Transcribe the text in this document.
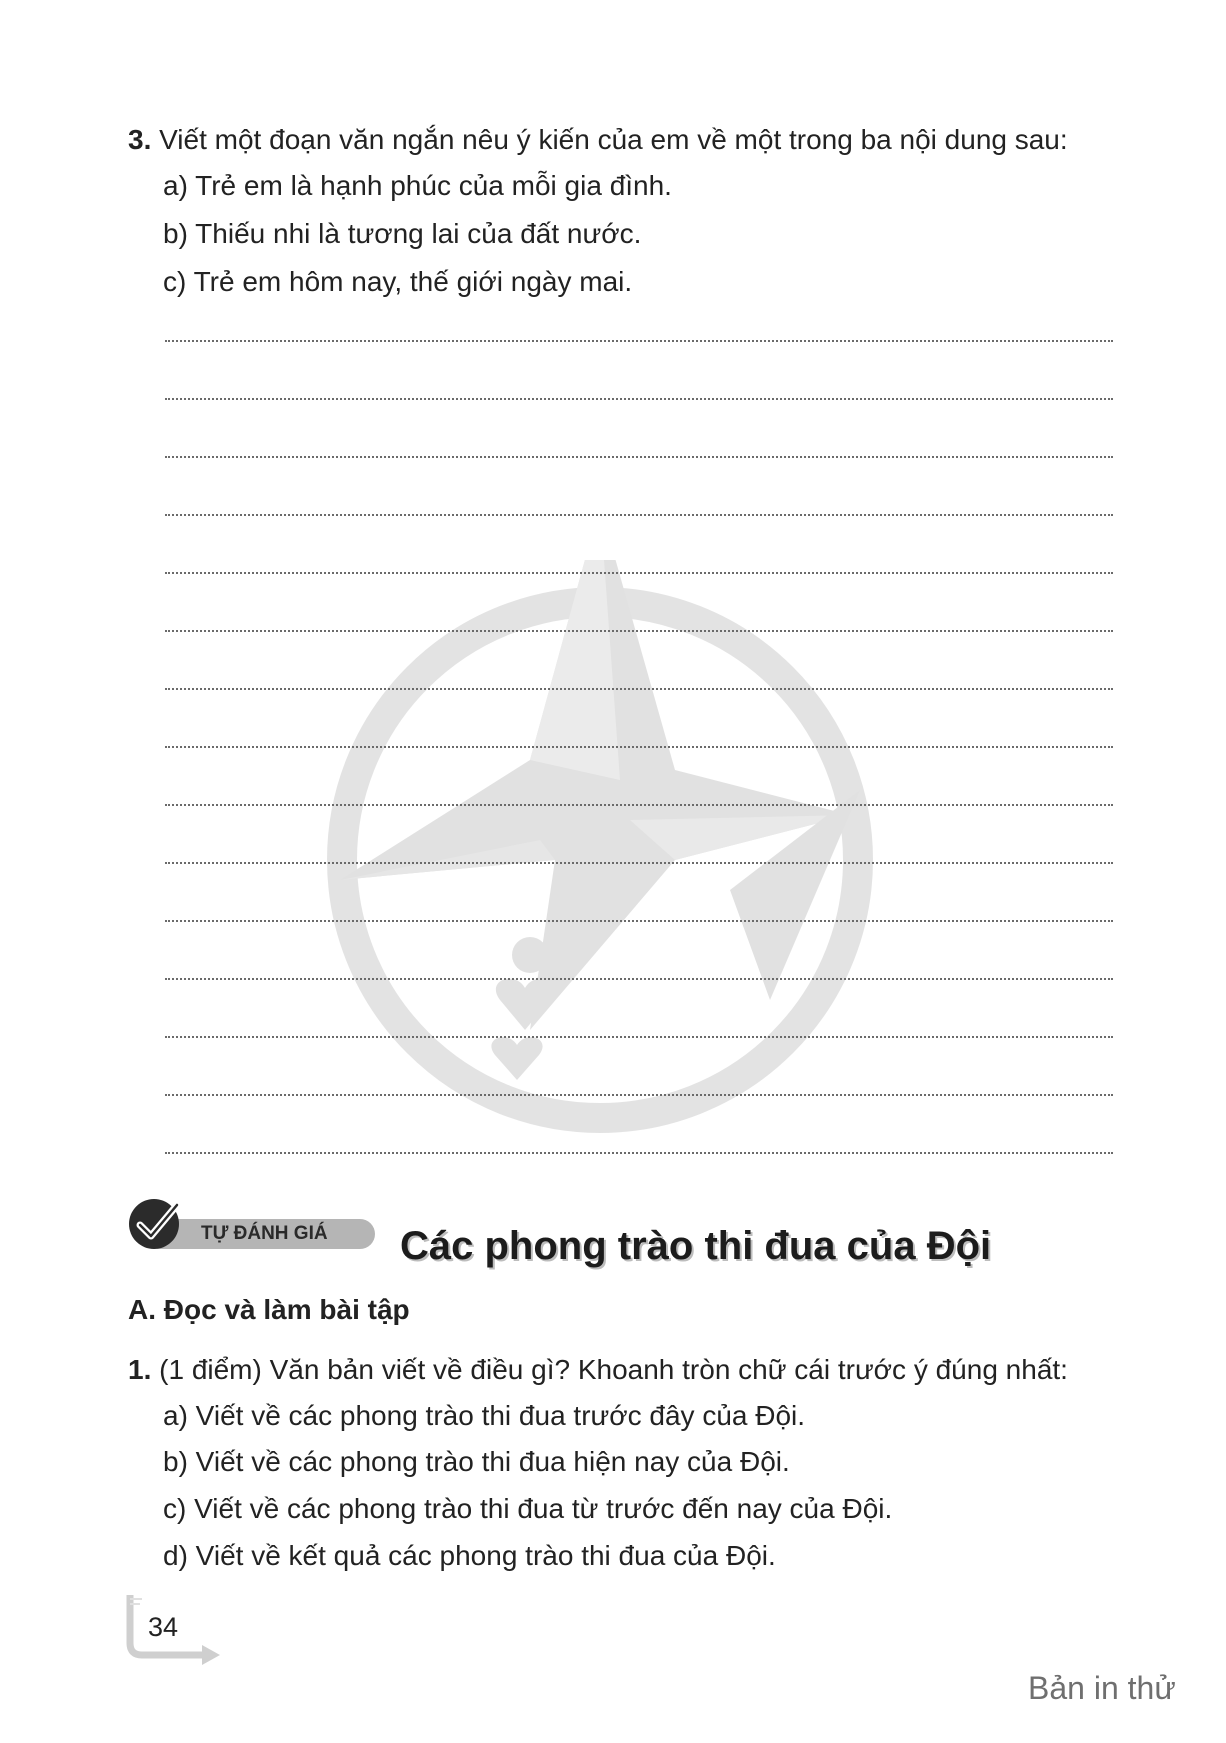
3. Viết một đoạn văn ngắn nêu ý kiến của em về một trong ba nội dung sau:
a) Trẻ em là hạnh phúc của mỗi gia đình.
b) Thiếu nhi là tương lai của đất nước.
c) Trẻ em hôm nay, thế giới ngày mai.
TỰ ĐÁNH GIÁ Các phong trào thi đua của Đội
A. Đọc và làm bài tập
1. (1 điểm) Văn bản viết về điều gì? Khoanh tròn chữ cái trước ý đúng nhất:
a) Viết về các phong trào thi đua trước đây của Đội.
b) Viết về các phong trào thi đua hiện nay của Đội.
c) Viết về các phong trào thi đua từ trước đến nay của Đội.
d) Viết về kết quả các phong trào thi đua của Đội.
34
Bản in thử
